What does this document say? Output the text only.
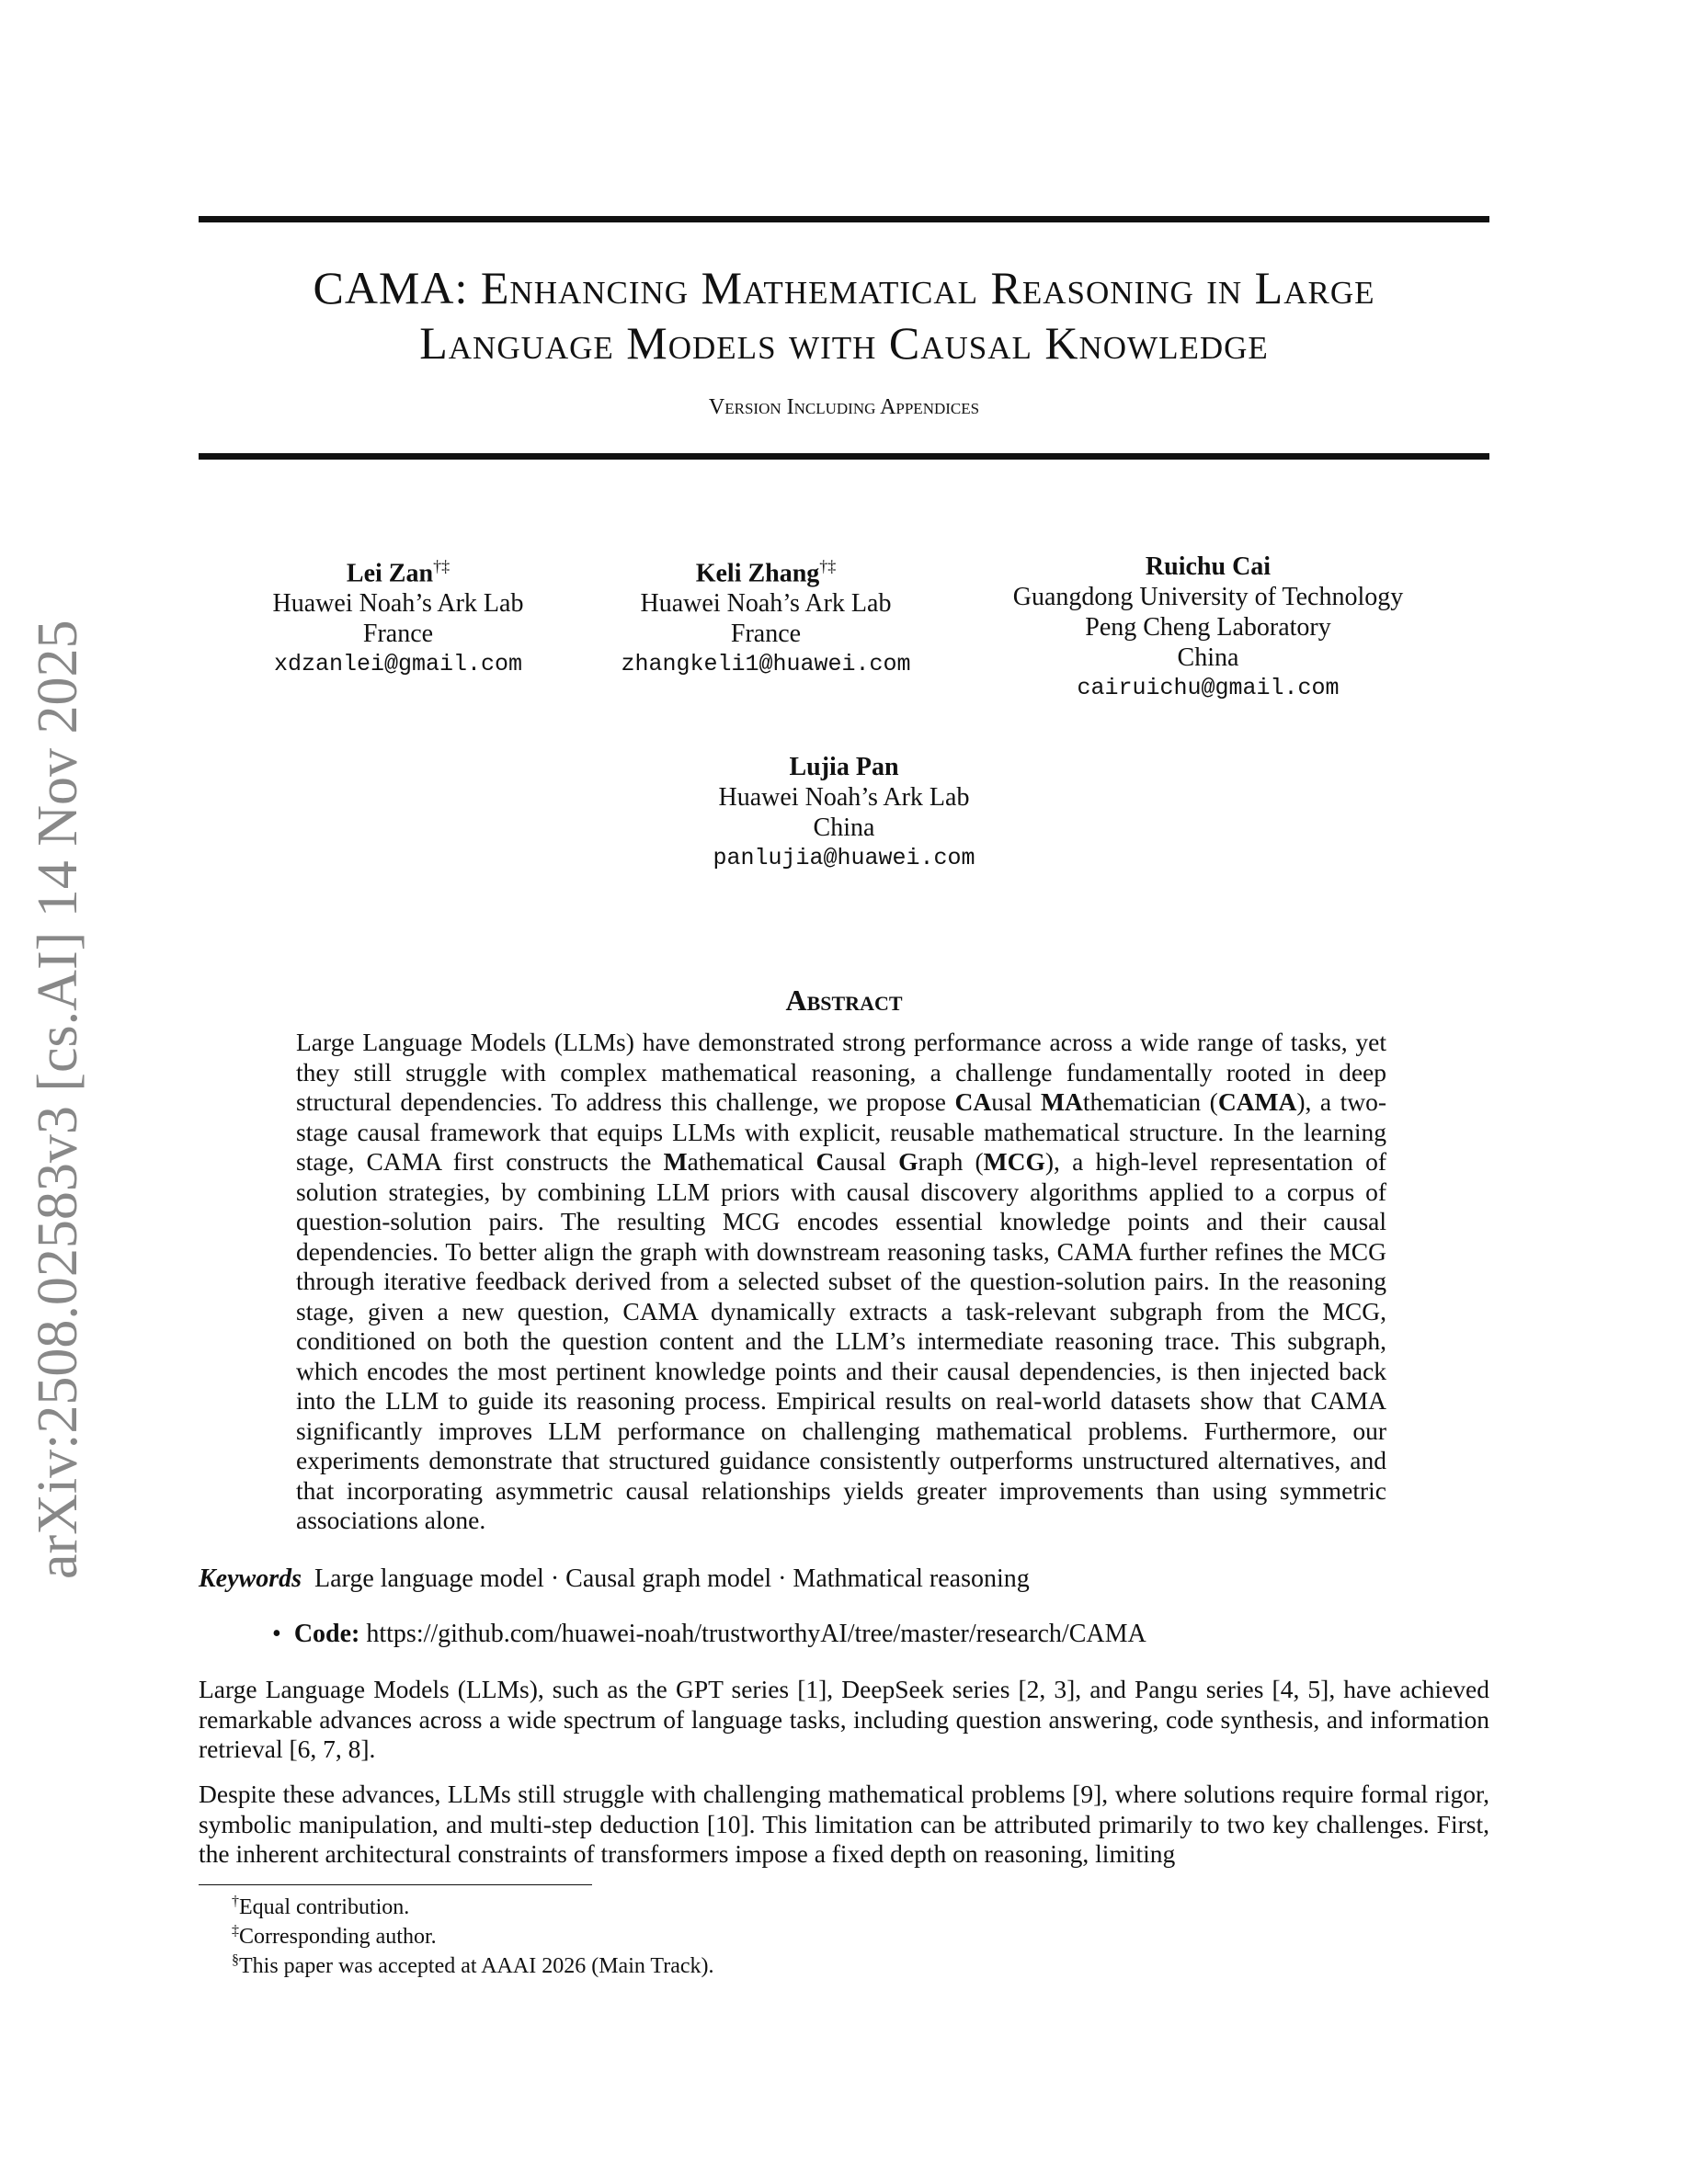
arXiv:2508.02583v3 [cs.AI] 14 Nov 2025
CAMA: Enhancing Mathematical Reasoning in Large
Language Models with Causal Knowledge
Version Including Appendices
Lei Zan†‡
Huawei Noah’s Ark Lab
France
xdzanlei@gmail.com
Keli Zhang†‡
Huawei Noah’s Ark Lab
France
zhangkeli1@huawei.com
Ruichu Cai
Guangdong University of Technology
Peng Cheng Laboratory
China
cairuichu@gmail.com
Lujia Pan
Huawei Noah’s Ark Lab
China
panlujia@huawei.com
Abstract
Large Language Models (LLMs) have demonstrated strong performance across a wide range of tasks, yet they still struggle with complex mathematical reasoning, a challenge fundamentally rooted in deep structural dependencies. To address this challenge, we propose CAusal MAthematician (CAMA), a two-stage causal framework that equips LLMs with explicit, reusable mathematical structure. In the learning stage, CAMA first constructs the Mathematical Causal Graph (MCG), a high-level representation of solution strategies, by combining LLM priors with causal discovery algorithms applied to a corpus of question-solution pairs. The resulting MCG encodes essential knowledge points and their causal dependencies. To better align the graph with downstream reasoning tasks, CAMA further refines the MCG through iterative feedback derived from a selected subset of the question-solution pairs. In the reasoning stage, given a new question, CAMA dynamically extracts a task-relevant subgraph from the MCG, conditioned on both the question content and the LLM’s intermediate reasoning trace. This subgraph, which encodes the most pertinent knowledge points and their causal dependencies, is then injected back into the LLM to guide its reasoning process. Empirical results on real-world datasets show that CAMA significantly improves LLM performance on challenging mathematical problems. Furthermore, our experiments demonstrate that structured guidance consistently outperforms unstructured alternatives, and that incorporating asymmetric causal relationships yields greater improvements than using symmetric associations alone.
Keywords Large language model · Causal graph model · Mathmatical reasoning
• Code: https://github.com/huawei-noah/trustworthyAI/tree/master/research/CAMA
Large Language Models (LLMs), such as the GPT series [1], DeepSeek series [2, 3], and Pangu series [4, 5], have achieved remarkable advances across a wide spectrum of language tasks, including question answering, code synthesis, and information retrieval [6, 7, 8].
Despite these advances, LLMs still struggle with challenging mathematical problems [9], where solutions require formal rigor, symbolic manipulation, and multi-step deduction [10]. This limitation can be attributed primarily to two key challenges. First, the inherent architectural constraints of transformers impose a fixed depth on reasoning, limiting
†Equal contribution.
‡Corresponding author.
§This paper was accepted at AAAI 2026 (Main Track).
